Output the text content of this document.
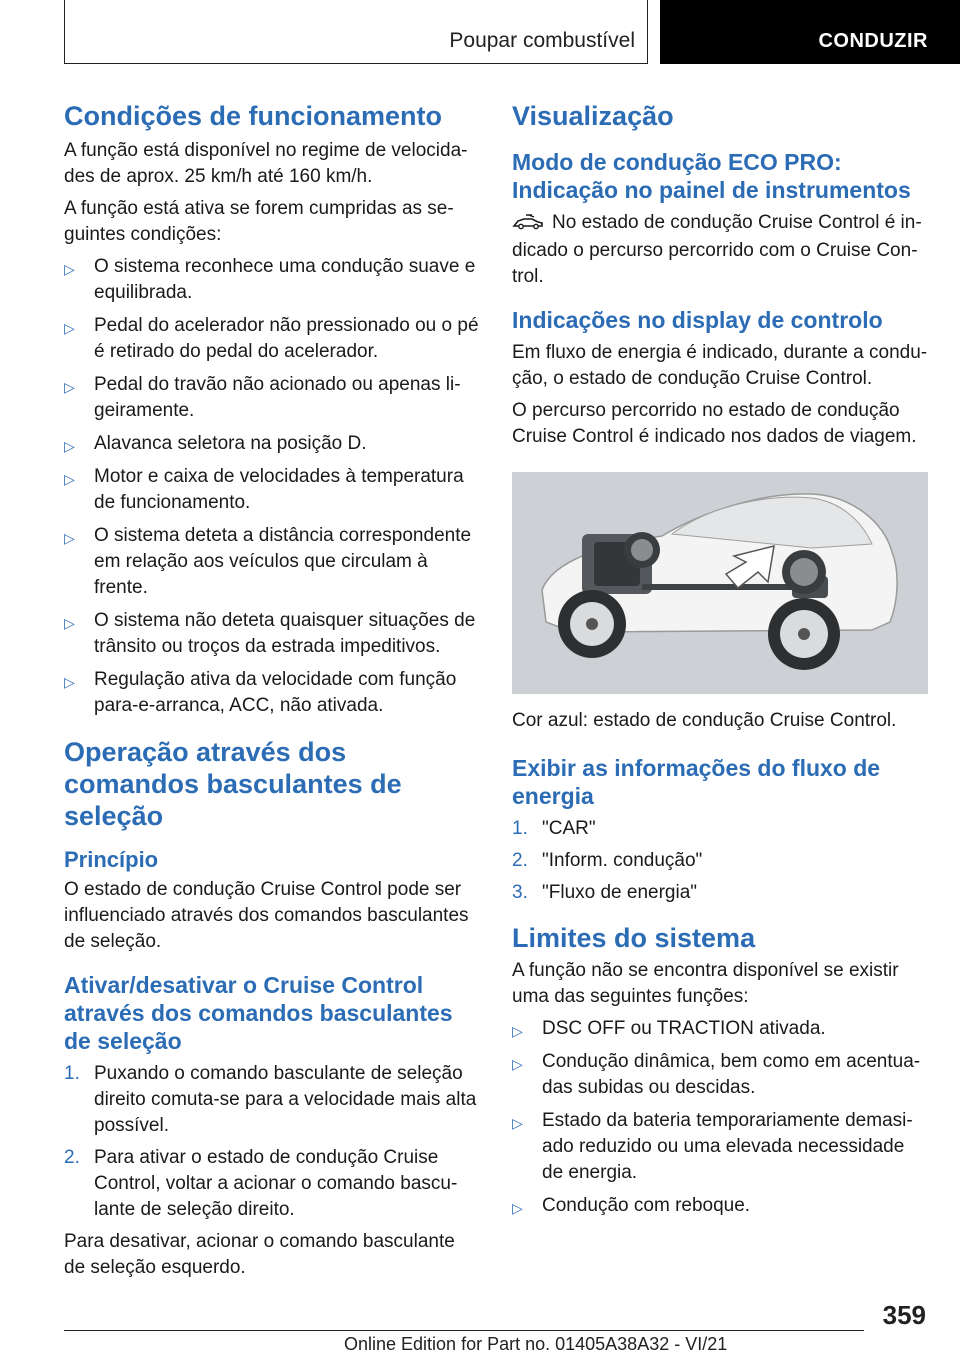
Poupar combustível	CONDUZIR
Condições de funcionamento

A função está disponível no regime de velocidades de aprox. 25 km/h até 160 km/h.

A função está ativa se forem cumpridas as seguintes condições:

▷ O sistema reconhece uma condução suave e equilibrada.
▷ Pedal do acelerador não pressionado ou o pé é retirado do pedal do acelerador.
▷ Pedal do travão não acionado ou apenas ligeiramente.
▷ Alavanca seletora na posição D.
▷ Motor e caixa de velocidades à temperatura de funcionamento.
▷ O sistema deteta a distância correspondente em relação aos veículos que circulam à frente.
▷ O sistema não deteta quaisquer situações de trânsito ou troços da estrada impeditivos.
▷ Regulação ativa da velocidade com função para-e-arranca, ACC, não ativada.
Operação através dos comandos basculantes de seleção
Princípio

O estado de condução Cruise Control pode ser influenciado através dos comandos basculantes de seleção.

Ativar/desativar o Cruise Control através dos comandos basculantes de seleção
1. Puxando o comando basculante de seleção direito comuta-se para a velocidade mais alta possível.
2. Para ativar o estado de condução Cruise Control, voltar a acionar o comando basculante de seleção direito.

Para desativar, acionar o comando basculante de seleção esquerdo.

Visualização
Modo de condução ECO PRO: Indicação no painel de instrumentos

No estado de condução Cruise Control é indicado o percurso percorrido com o Cruise Control.

Indicações no display de controlo

Em fluxo de energia é indicado, durante a condução, o estado de condução Cruise Control.

O percurso percorrido no estado de condução Cruise Control é indicado nos dados de viagem.

Cor azul: estado de condução Cruise Control.

Exibir as informações do fluxo de energia
1. "CAR"
2. "Inform. condução"
3. "Fluxo de energia"
Limites do sistema

A função não se encontra disponível se existir uma das seguintes funções:

▷ DSC OFF ou TRACTION ativada.
▷ Condução dinâmica, bem como em acentuadas subidas ou descidas.
▷ Estado da bateria temporariamente demasiado reduzido ou uma elevada necessidade de energia.
▷ Condução com reboque.
359
Online Edition for Part no. 01405A38A32 - VI/21
